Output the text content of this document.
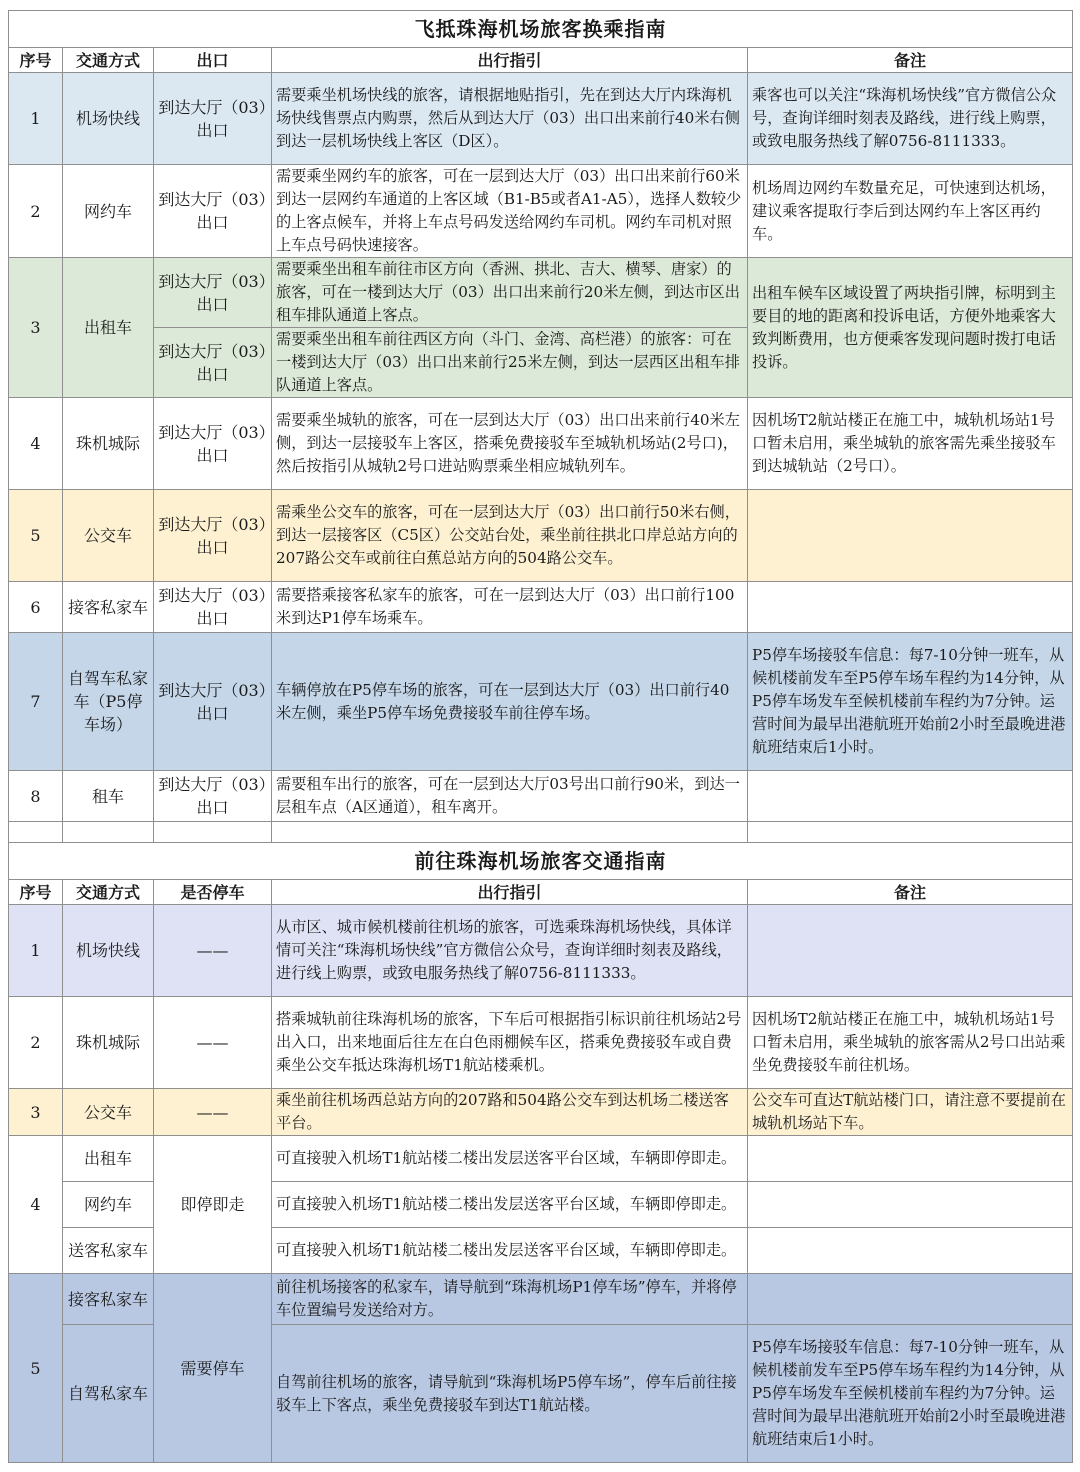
飞抵珠海机场旅客换乘指南				
序号	交通方式	出口	出行指引	备注
1	机场快线	到达大厅（03）出口	需要乘坐机场快线的旅客，请根据地贴指引，先在到达大厅内珠海机场快线售票点内购票，然后从到达大厅（03）出口出来前行40米右侧到达一层机场快线上客区（D区）。	乘客也可以关注“珠海机场快线”官方微信公众号，查询详细时刻表及路线，进行线上购票，或致电服务热线了解0756-8111333。
2	网约车	到达大厅（03）出口	需要乘坐网约车的旅客，可在一层到达大厅（03）出口出来前行60米到达一层网约车通道的上客区域（B1-B5或者A1-A5），选择人数较少的上客点候车，并将上车点号码发送给网约车司机。网约车司机对照上车点号码快速接客。	机场周边网约车数量充足，可快速到达机场，建议乘客提取行李后到达网约车上客区再约车。
3	出租车	到达大厅（03）出口	需要乘坐出租车前往市区方向（香洲、拱北、吉大、横琴、唐家）的旅客，可在一楼到达大厅（03）出口出来前行20米左侧，到达市区出租车排队通道上客点。	出租车候车区域设置了两块指引牌，标明到主要目的地的距离和投诉电话，方便外地乘客大致判断费用，也方便乘客发现问题时拨打电话投诉。
		到达大厅（03）出口	需要乘坐出租车前往西区方向（斗门、金湾、高栏港）的旅客：可在一楼到达大厅（03）出口出来前行25米左侧，到达一层西区出租车排队通道上客点。	
4	珠机城际	到达大厅（03）出口	需要乘坐城轨的旅客，可在一层到达大厅（03）出口出来前行40米左侧，到达一层接驳车上客区，搭乘免费接驳车至城轨机场站(2号口)，然后按指引从城轨2号口进站购票乘坐相应城轨列车。	因机场T2航站楼正在施工中，城轨机场站1号口暂未启用，乘坐城轨的旅客需先乘坐接驳车到达城轨站（2号口）。
5	公交车	到达大厅（03）出口	需乘坐公交车的旅客，可在一层到达大厅（03）出口前行50米右侧，到达一层接客区（C5区）公交站台处，乘坐前往拱北口岸总站方向的207路公交车或前往白蕉总站方向的504路公交车。	
6	接客私家车	到达大厅（03）出口	需要搭乘接客私家车的旅客，可在一层到达大厅（03）出口前行100米到达P1停车场乘车。	
7	自驾车私家车（P5停车场）	到达大厅（03）出口	车辆停放在P5停车场的旅客，可在一层到达大厅（03）出口前行40米左侧，乘坐P5停车场免费接驳车前往停车场。	P5停车场接驳车信息：每7-10分钟一班车，从候机楼前发车至P5停车场车程约为14分钟，从P5停车场发车至候机楼前车程约为7分钟。运营时间为最早出港航班开始前2小时至最晚进港航班结束后1小时。
8	租车	到达大厅（03）出口	需要租车出行的旅客，可在一层到达大厅03号出口前行90米，到达一层租车点（A区通道），租车离开。	

前往珠海机场旅客交通指南				
序号	交通方式	是否停车	出行指引	备注
1	机场快线	——	从市区、城市候机楼前往机场的旅客，可选乘珠海机场快线，具体详情可关注“珠海机场快线”官方微信公众号，查询详细时刻表及路线，进行线上购票，或致电服务热线了解0756-8111333。	
2	珠机城际	——	搭乘城轨前往珠海机场的旅客，下车后可根据指引标识前往机场站2号出入口，出来地面后往左在白色雨棚候车区，搭乘免费接驳车或自费乘坐公交车抵达珠海机场T1航站楼乘机。	因机场T2航站楼正在施工中，城轨机场站1号口暂未启用，乘坐城轨的旅客需从2号口出站乘坐免费接驳车前往机场。
3	公交车	——	乘坐前往机场西总站方向的207路和504路公交车到达机场二楼送客平台。	公交车可直达T航站楼门口，请注意不要提前在城轨机场站下车。
4	出租车	即停即走	可直接驶入机场T1航站楼二楼出发层送客平台区域，车辆即停即走。	
	网约车		可直接驶入机场T1航站楼二楼出发层送客平台区域，车辆即停即走。	
	送客私家车		可直接驶入机场T1航站楼二楼出发层送客平台区域，车辆即停即走。	
5	接客私家车	需要停车	前往机场接客的私家车，请导航到“珠海机场P1停车场”停车，并将停车位置编号发送给对方。	
	自驾私家车		自驾前往机场的旅客，请导航到“珠海机场P5停车场”，停车后前往接驳车上下客点，乘坐免费接驳车到达T1航站楼。	P5停车场接驳车信息：每7-10分钟一班车，从候机楼前发车至P5停车场车程约为14分钟，从P5停车场发车至候机楼前车程约为7分钟。运营时间为最早出港航班开始前2小时至最晚进港航班结束后1小时。
